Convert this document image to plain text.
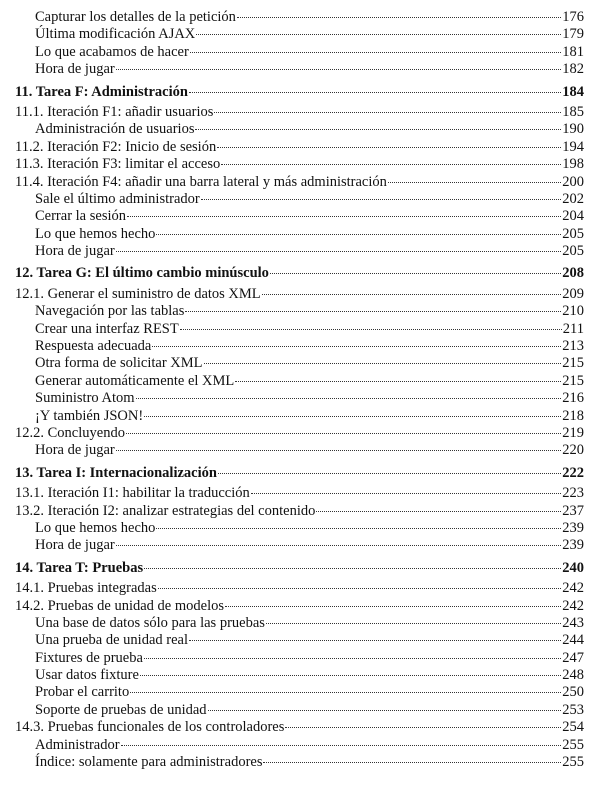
Capturar los detalles de la petición	176
Última modificación AJAX	179
Lo que acabamos de hacer	181
Hora de jugar	182
11. Tarea F: Administración	184
11.1. Iteración F1: añadir usuarios	185
Administración de usuarios	190
11.2. Iteración F2: Inicio de sesión	194
11.3. Iteración F3: limitar el acceso	198
11.4. Iteración F4: añadir una barra lateral y más administración	200
Sale el último administrador	202
Cerrar la sesión	204
Lo que hemos hecho	205
Hora de jugar	205
12. Tarea G: El último cambio minúsculo	208
12.1. Generar el suministro de datos XML	209
Navegación por las tablas	210
Crear una interfaz REST	211
Respuesta adecuada	213
Otra forma de solicitar XML	215
Generar automáticamente el XML	215
Suministro Atom	216
¡Y también JSON!	218
12.2. Concluyendo	219
Hora de jugar	220
13. Tarea I: Internacionalización	222
13.1. Iteración I1: habilitar la traducción	223
13.2. Iteración I2: analizar estrategias del contenido	237
Lo que hemos hecho	239
Hora de jugar	239
14. Tarea T: Pruebas	240
14.1. Pruebas integradas	242
14.2. Pruebas de unidad de modelos	242
Una base de datos sólo para las pruebas	243
Una prueba de unidad real	244
Fixtures de prueba	247
Usar datos fixture	248
Probar el carrito	250
Soporte de pruebas de unidad	253
14.3. Pruebas funcionales de los controladores	254
Administrador	255
Índice: solamente para administradores	255
